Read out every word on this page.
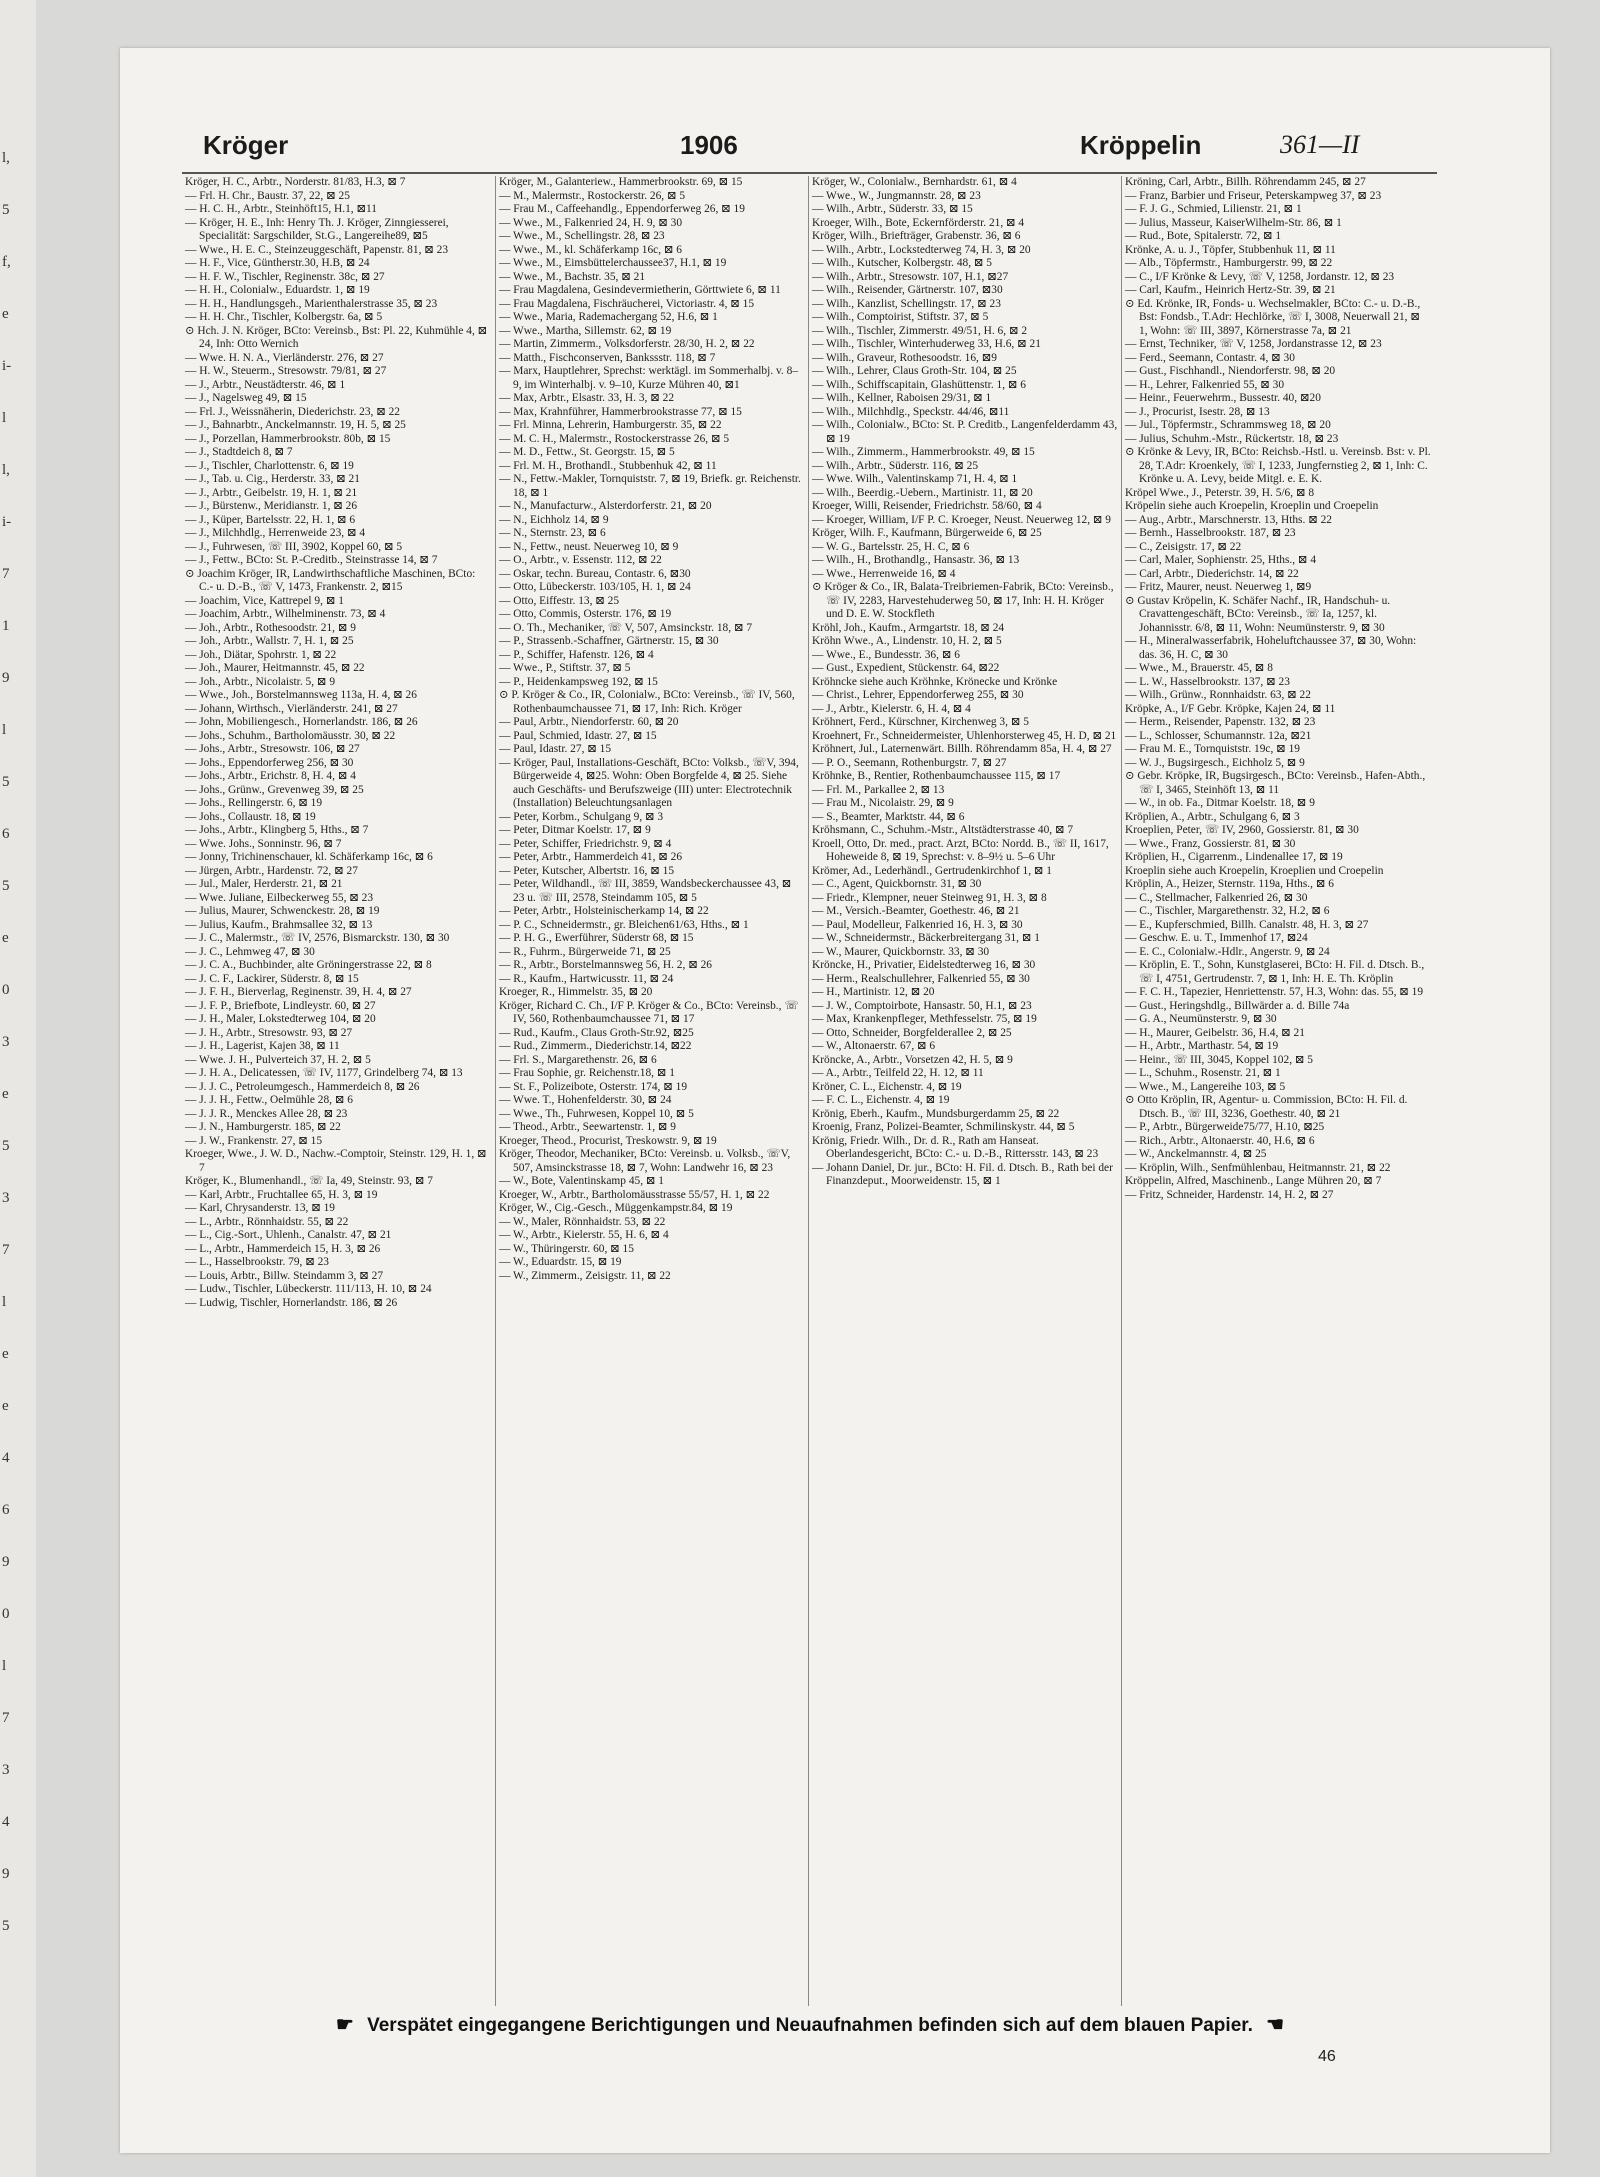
l,
5
f,
e
i-
l
l,
i-
7
1
9
l
5
6
5
e
0
3
e
5
3
7
l
e
e
4
6
9
0
l
7
3
4
9
5
Kröger	1906	Kröppelin	361—II
Kröger, H. C., Arbtr., Norderstr. 81/83, H.3, ⊠ 7
— Frl. H. Chr., Baustr. 37, 22, ⊠ 25
— H. C. H., Arbtr., Steinhöft15, H.1, ⊠11
— Kröger, H. E., Inh: Henry Th. J. Kröger, Zinngiesserei, Specialität: Sargschilder, St.G., Langereihe89, ⊠5
— Wwe., H. E. C., Steinzeuggeschäft, Papenstr. 81, ⊠ 23
— H. F., Vice, Güntherstr.30, H.B, ⊠ 24
— H. F. W., Tischler, Reginenstr. 38c, ⊠ 27
— H. H., Colonialw., Eduardstr. 1, ⊠ 19
— H. H., Handlungsgeh., Marienthalerstrasse 35, ⊠ 23
— H. H. Chr., Tischler, Kolbergstr. 6a, ⊠ 5
⊙ Hch. J. N. Kröger, BCto: Vereinsb., Bst: Pl. 22, Kuhmühle 4, ⊠ 24, Inh: Otto Wernich
— Wwe. H. N. A., Vierländerstr. 276, ⊠ 27
— H. W., Steuerm., Stresowstr. 79/81, ⊠ 27
— J., Arbtr., Neustädterstr. 46, ⊠ 1
— J., Nagelsweg 49, ⊠ 15
— Frl. J., Weissnäherin, Diederichstr. 23, ⊠ 22
— J., Bahnarbtr., Anckelmannstr. 19, H. 5, ⊠ 25
— J., Porzellan, Hammerbrookstr. 80b, ⊠ 15
— J., Stadtdeich 8, ⊠ 7
— J., Tischler, Charlottenstr. 6, ⊠ 19
— J., Tab. u. Cig., Herderstr. 33, ⊠ 21
— J., Arbtr., Geibelstr. 19, H. 1, ⊠ 21
— J., Bürstenw., Meridianstr. 1, ⊠ 26
— J., Küper, Bartelsstr. 22, H. 1, ⊠ 6
— J., Milchhdlg., Herrenweide 23, ⊠ 4
— J., Fuhrwesen, ☏ III, 3902, Koppel 60, ⊠ 5
— J., Fettw., BCto: St. P.-Creditb., Steinstrasse 14, ⊠ 7
⊙ Joachim Kröger, IR, Landwirthschaftliche Maschinen, BCto: C.- u. D.-B., ☏ V, 1473, Frankenstr. 2, ⊠15
— Joachim, Vice, Kattrepel 9, ⊠ 1
— Joachim, Arbtr., Wilhelminenstr. 73, ⊠ 4
— Joh., Arbtr., Rothesoodstr. 21, ⊠ 9
— Joh., Arbtr., Wallstr. 7, H. 1, ⊠ 25
— Joh., Diätar, Spohrstr. 1, ⊠ 22
— Joh., Maurer, Heitmannstr. 45, ⊠ 22
— Joh., Arbtr., Nicolaistr. 5, ⊠ 9
— Wwe., Joh., Borstelmannsweg 113a, H. 4, ⊠ 26
— Johann, Wirthsch., Vierländerstr. 241, ⊠ 27
— John, Mobiliengesch., Hornerlandstr. 186, ⊠ 26
— Johs., Schuhm., Bartholomäusstr. 30, ⊠ 22
— Johs., Arbtr., Stresowstr. 106, ⊠ 27
— Johs., Eppendorferweg 256, ⊠ 30
— Johs., Arbtr., Erichstr. 8, H. 4, ⊠ 4
— Johs., Grünw., Grevenweg 39, ⊠ 25
— Johs., Rellingerstr. 6, ⊠ 19
— Johs., Collaustr. 18, ⊠ 19
— Johs., Arbtr., Klingberg 5, Hths., ⊠ 7
— Wwe. Johs., Sonninstr. 96, ⊠ 7
— Jonny, Trichinenschauer, kl. Schäferkamp 16c, ⊠ 6
— Jürgen, Arbtr., Hardenstr. 72, ⊠ 27
— Jul., Maler, Herderstr. 21, ⊠ 21
— Wwe. Juliane, Eilbeckerweg 55, ⊠ 23
— Julius, Maurer, Schwenckestr. 28, ⊠ 19
— Julius, Kaufm., Brahmsallee 32, ⊠ 13
— J. C., Malermstr., ☏ IV, 2576, Bismarckstr. 130, ⊠ 30
— J. C., Lehmweg 47, ⊠ 30
— J. C. A., Buchbinder, alte Gröningerstrasse 22, ⊠ 8
— J. C. F., Lackirer, Süderstr. 8, ⊠ 15
— J. F. H., Bierverlag, Reginenstr. 39, H. 4, ⊠ 27
— J. F. P., Briefbote, Lindleystr. 60, ⊠ 27
— J. H., Maler, Lokstedterweg 104, ⊠ 20
— J. H., Arbtr., Stresowstr. 93, ⊠ 27
— J. H., Lagerist, Kajen 38, ⊠ 11
— Wwe. J. H., Pulverteich 37, H. 2, ⊠ 5
— J. H. A., Delicatessen, ☏ IV, 1177, Grindelberg 74, ⊠ 13
— J. J. C., Petroleumgesch., Hammerdeich 8, ⊠ 26
— J. J. H., Fettw., Oelmühle 28, ⊠ 6
— J. J. R., Menckes Allee 28, ⊠ 23
— J. N., Hamburgerstr. 185, ⊠ 22
— J. W., Frankenstr. 27, ⊠ 15
Kroeger, Wwe., J. W. D., Nachw.-Comptoir, Steinstr. 129, H. 1, ⊠ 7
Kröger, K., Blumenhandl., ☏ Ia, 49, Steinstr. 93, ⊠ 7
— Karl, Arbtr., Fruchtallee 65, H. 3, ⊠ 19
— Karl, Chrysanderstr. 13, ⊠ 19
— L., Arbtr., Rönnhaidstr. 55, ⊠ 22
— L., Cig.-Sort., Uhlenh., Canalstr. 47, ⊠ 21
— L., Arbtr., Hammerdeich 15, H. 3, ⊠ 26
— L., Hasselbrookstr. 79, ⊠ 23
— Louis, Arbtr., Billw. Steindamm 3, ⊠ 27
— Ludw., Tischler, Lübeckerstr. 111/113, H. 10, ⊠ 24
— Ludwig, Tischler, Hornerlandstr. 186, ⊠ 26
Kröger, M., Galanteriew., Hammerbrookstr. 69, ⊠ 15
— M., Malermstr., Rostockerstr. 26, ⊠ 5
— Frau M., Caffeehandlg., Eppendorferweg 26, ⊠ 19
— Wwe., M., Falkenried 24, H. 9, ⊠ 30
— Wwe., M., Schellingstr. 28, ⊠ 23
— Wwe., M., kl. Schäferkamp 16c, ⊠ 6
— Wwe., M., Eimsbüttelerchaussee37, H.1, ⊠ 19
— Wwe., M., Bachstr. 35, ⊠ 21
— Frau Magdalena, Gesindevermietherin, Görttwiete 6, ⊠ 11
— Frau Magdalena, Fischräucherei, Victoriastr. 4, ⊠ 15
— Wwe., Maria, Rademachergang 52, H.6, ⊠ 1
— Wwe., Martha, Sillemstr. 62, ⊠ 19
— Martin, Zimmerm., Volksdorferstr. 28/30, H. 2, ⊠ 22
— Matth., Fischconserven, Bankssstr. 118, ⊠ 7
— Marx, Hauptlehrer, Sprechst: werktägl. im Sommerhalbj. v. 8–9, im Winterhalbj. v. 9–10, Kurze Mühren 40, ⊠1
— Max, Arbtr., Elsastr. 33, H. 3, ⊠ 22
— Max, Krahnführer, Hammerbrookstrasse 77, ⊠ 15
— Frl. Minna, Lehrerin, Hamburgerstr. 35, ⊠ 22
— M. C. H., Malermstr., Rostockerstrasse 26, ⊠ 5
— M. D., Fettw., St. Georgstr. 15, ⊠ 5
— Frl. M. H., Brothandl., Stubbenhuk 42, ⊠ 11
— N., Fettw.-Makler, Tornquiststr. 7, ⊠ 19, Briefk. gr. Reichenstr. 18, ⊠ 1
— N., Manufacturw., Alsterdorferstr. 21, ⊠ 20
— N., Eichholz 14, ⊠ 9
— N., Sternstr. 23, ⊠ 6
— N., Fettw., neust. Neuerweg 10, ⊠ 9
— O., Arbtr., v. Essenstr. 112, ⊠ 22
— Oskar, techn. Bureau, Contastr. 6, ⊠30
— Otto, Lübeckerstr. 103/105, H. 1, ⊠ 24
— Otto, Eiffestr. 13, ⊠ 25
— Otto, Commis, Osterstr. 176, ⊠ 19
— O. Th., Mechaniker, ☏ V, 507, Amsinckstr. 18, ⊠ 7
— P., Strassenb.-Schaffner, Gärtnerstr. 15, ⊠ 30
— P., Schiffer, Hafenstr. 126, ⊠ 4
— Wwe., P., Stiftstr. 37, ⊠ 5
— P., Heidenkampsweg 192, ⊠ 15
⊙ P. Kröger & Co., IR, Colonialw., BCto: Vereinsb., ☏ IV, 560, Rothenbaumchaussee 71, ⊠ 17, Inh: Rich. Kröger
— Paul, Arbtr., Niendorferstr. 60, ⊠ 20
— Paul, Schmied, Idastr. 27, ⊠ 15
— Paul, Idastr. 27, ⊠ 15
— Kröger, Paul, Installations-Geschäft, BCto: Volksb., ☏V, 394, Bürgerweide 4, ⊠25. Wohn: Oben Borgfelde 4, ⊠ 25. Siehe auch Geschäfts- und Berufszweige (III) unter: Electrotechnik (Installation) Beleuchtungsanlagen
— Peter, Korbm., Schulgang 9, ⊠ 3
— Peter, Ditmar Koelstr. 17, ⊠ 9
— Peter, Schiffer, Friedrichstr. 9, ⊠ 4
— Peter, Arbtr., Hammerdeich 41, ⊠ 26
— Peter, Kutscher, Albertstr. 16, ⊠ 15
— Peter, Wildhandl., ☏ III, 3859, Wandsbeckerchaussee 43, ⊠ 23 u. ☏ III, 2578, Steindamm 105, ⊠ 5
— Peter, Arbtr., Holsteinischerkamp 14, ⊠ 22
— P. C., Schneidermstr., gr. Bleichen61/63, Hths., ⊠ 1
— P. H. G., Ewerführer, Süderstr 68, ⊠ 15
— R., Fuhrm., Bürgerweide 71, ⊠ 25
— R., Arbtr., Borstelmannsweg 56, H. 2, ⊠ 26
— R., Kaufm., Hartwicusstr. 11, ⊠ 24
Kroeger, R., Himmelstr. 35, ⊠ 20
Kröger, Richard C. Ch., I/F P. Kröger & Co., BCto: Vereinsb., ☏ IV, 560, Rothenbaumchaussee 71, ⊠ 17
— Rud., Kaufm., Claus Groth-Str.92, ⊠25
— Rud., Zimmerm., Diederichstr.14, ⊠22
— Frl. S., Margarethenstr. 26, ⊠ 6
— Frau Sophie, gr. Reichenstr.18, ⊠ 1
— St. F., Polizeibote, Osterstr. 174, ⊠ 19
— Wwe. T., Hohenfelderstr. 30, ⊠ 24
— Wwe., Th., Fuhrwesen, Koppel 10, ⊠ 5
— Theod., Arbtr., Seewartenstr. 1, ⊠ 9
Kroeger, Theod., Procurist, Treskowstr. 9, ⊠ 19
Kröger, Theodor, Mechaniker, BCto: Vereinsb. u. Volksb., ☏V, 507, Amsinckstrasse 18, ⊠ 7, Wohn: Landwehr 16, ⊠ 23
— W., Bote, Valentinskamp 45, ⊠ 1
Kroeger, W., Arbtr., Bartholomäusstrasse 55/57, H. 1, ⊠ 22
Kröger, W., Cig.-Gesch., Müggenkampstr.84, ⊠ 19
— W., Maler, Rönnhaidstr. 53, ⊠ 22
— W., Arbtr., Kielerstr. 55, H. 6, ⊠ 4
— W., Thüringerstr. 60, ⊠ 15
— W., Eduardstr. 15, ⊠ 19
— W., Zimmerm., Zeisigstr. 11, ⊠ 22
Kröger, W., Colonialw., Bernhardstr. 61, ⊠ 4
— Wwe., W., Jungmannstr. 28, ⊠ 23
— Wilh., Arbtr., Süderstr. 33, ⊠ 15
Kroeger, Wilh., Bote, Eckernförderstr. 21, ⊠ 4
Kröger, Wilh., Briefträger, Grabenstr. 36, ⊠ 6
— Wilh., Arbtr., Lockstedterweg 74, H. 3, ⊠ 20
— Wilh., Kutscher, Kolbergstr. 48, ⊠ 5
— Wilh., Arbtr., Stresowstr. 107, H.1, ⊠27
— Wilh., Reisender, Gärtnerstr. 107, ⊠30
— Wilh., Kanzlist, Schellingstr. 17, ⊠ 23
— Wilh., Comptoirist, Stiftstr. 37, ⊠ 5
— Wilh., Tischler, Zimmerstr. 49/51, H. 6, ⊠ 2
— Wilh., Tischler, Winterhuderweg 33, H.6, ⊠ 21
— Wilh., Graveur, Rothesoodstr. 16, ⊠9
— Wilh., Lehrer, Claus Groth-Str. 104, ⊠ 25
— Wilh., Schiffscapitain, Glashüttenstr. 1, ⊠ 6
— Wilh., Kellner, Raboisen 29/31, ⊠ 1
— Wilh., Milchhdlg., Speckstr. 44/46, ⊠11
— Wilh., Colonialw., BCto: St. P. Creditb., Langenfelderdamm 43, ⊠ 19
— Wilh., Zimmerm., Hammerbrookstr. 49, ⊠ 15
— Wilh., Arbtr., Süderstr. 116, ⊠ 25
— Wwe. Wilh., Valentinskamp 71, H. 4, ⊠ 1
— Wilh., Beerdig.-Uebern., Martinistr. 11, ⊠ 20
Kroeger, Willi, Reisender, Friedrichstr. 58/60, ⊠ 4
— Kroeger, William, I/F P. C. Kroeger, Neust. Neuerweg 12, ⊠ 9
Kröger, Wilh. F., Kaufmann, Bürgerweide 6, ⊠ 25
— W. G., Bartelsstr. 25, H. C, ⊠ 6
— Wilh., H., Brothandlg., Hansastr. 36, ⊠ 13
— Wwe., Herrenweide 16, ⊠ 4
⊙ Kröger & Co., IR, Balata-Treibriemen-Fabrik, BCto: Vereinsb., ☏ IV, 2283, Harvestehuderweg 50, ⊠ 17, Inh: H. H. Kröger und D. E. W. Stockfleth
Kröhl, Joh., Kaufm., Armgartstr. 18, ⊠ 24
Kröhn Wwe., A., Lindenstr. 10, H. 2, ⊠ 5
— Wwe., E., Bundesstr. 36, ⊠ 6
— Gust., Expedient, Stückenstr. 64, ⊠22
Kröhncke siehe auch Kröhnke, Krönecke und Krönke
— Christ., Lehrer, Eppendorferweg 255, ⊠ 30
— J., Arbtr., Kielerstr. 6, H. 4, ⊠ 4
Kröhnert, Ferd., Kürschner, Kirchenweg 3, ⊠ 5
Kroehnert, Fr., Schneidermeister, Uhlenhorsterweg 45, H. D, ⊠ 21
Kröhnert, Jul., Laternenwärt. Billh. Röhrendamm 85a, H. 4, ⊠ 27
— P. O., Seemann, Rothenburgstr. 7, ⊠ 27
Kröhnke, B., Rentier, Rothenbaumchaussee 115, ⊠ 17
— Frl. M., Parkallee 2, ⊠ 13
— Frau M., Nicolaistr. 29, ⊠ 9
— S., Beamter, Marktstr. 44, ⊠ 6
Kröhsmann, C., Schuhm.-Mstr., Altstädterstrasse 40, ⊠ 7
Kroell, Otto, Dr. med., pract. Arzt, BCto: Nordd. B., ☏ II, 1617, Hoheweide 8, ⊠ 19, Sprechst: v. 8–9½ u. 5–6 Uhr
Krömer, Ad., Lederhändl., Gertrudenkirchhof 1, ⊠ 1
— C., Agent, Quickbornstr. 31, ⊠ 30
— Friedr., Klempner, neuer Steinweg 91, H. 3, ⊠ 8
— M., Versich.-Beamter, Goethestr. 46, ⊠ 21
— Paul, Modelleur, Falkenried 16, H. 3, ⊠ 30
— W., Schneidermstr., Bäckerbreitergang 31, ⊠ 1
— W., Maurer, Quickbornstr. 33, ⊠ 30
Kröncke, H., Privatier, Eidelstedterweg 16, ⊠ 30
— Herm., Realschullehrer, Falkenried 55, ⊠ 30
— H., Martinistr. 12, ⊠ 20
— J. W., Comptoirbote, Hansastr. 50, H.1, ⊠ 23
— Max, Krankenpfleger, Methfesselstr. 75, ⊠ 19
— Otto, Schneider, Borgfelderallee 2, ⊠ 25
— W., Altonaerstr. 67, ⊠ 6
Kröncke, A., Arbtr., Vorsetzen 42, H. 5, ⊠ 9
— A., Arbtr., Teilfeld 22, H. 12, ⊠ 11
Kröner, C. L., Eichenstr. 4, ⊠ 19
— F. C. L., Eichenstr. 4, ⊠ 19
Krönig, Eberh., Kaufm., Mundsburgerdamm 25, ⊠ 22
Kroenig, Franz, Polizei-Beamter, Schmilinskystr. 44, ⊠ 5
Krönig, Friedr. Wilh., Dr. d. R., Rath am Hanseat. Oberlandesgericht, BCto: C.- u. D.-B., Rittersstr. 143, ⊠ 23
— Johann Daniel, Dr. jur., BCto: H. Fil. d. Dtsch. B., Rath bei der Finanzdeput., Moorweidenstr. 15, ⊠ 1
Kröning, Carl, Arbtr., Billh. Röhrendamm 245, ⊠ 27
— Franz, Barbier und Friseur, Peterskampweg 37, ⊠ 23
— F. J. G., Schmied, Lilienstr. 21, ⊠ 1
— Julius, Masseur, KaiserWilhelm-Str. 86, ⊠ 1
— Rud., Bote, Spitalerstr. 72, ⊠ 1
Krönke, A. u. J., Töpfer, Stubbenhuk 11, ⊠ 11
— Alb., Töpfermstr., Hamburgerstr. 99, ⊠ 22
— C., I/F Krönke & Levy, ☏ V, 1258, Jordanstr. 12, ⊠ 23
— Carl, Kaufm., Heinrich Hertz-Str. 39, ⊠ 21
⊙ Ed. Krönke, IR, Fonds- u. Wechselmakler, BCto: C.- u. D.-B., Bst: Fondsb., T.Adr: Hechlörke, ☏ I, 3008, Neuerwall 21, ⊠ 1, Wohn: ☏ III, 3897, Körnerstrasse 7a, ⊠ 21
— Ernst, Techniker, ☏ V, 1258, Jordanstrasse 12, ⊠ 23
— Ferd., Seemann, Contastr. 4, ⊠ 30
— Gust., Fischhandl., Niendorferstr. 98, ⊠ 20
— H., Lehrer, Falkenried 55, ⊠ 30
— Heinr., Feuerwehrm., Bussestr. 40, ⊠20
— J., Procurist, Isestr. 28, ⊠ 13
— Jul., Töpfermstr., Schrammsweg 18, ⊠ 20
— Julius, Schuhm.-Mstr., Rückertstr. 18, ⊠ 23
⊙ Krönke & Levy, IR, BCto: Reichsb.-Hstl. u. Vereinsb. Bst: v. Pl. 28, T.Adr: Kroenkely, ☏ I, 1233, Jungfernstieg 2, ⊠ 1, Inh: C. Krönke u. A. Levy, beide Mitgl. e. E. K.
Kröpel Wwe., J., Peterstr. 39, H. 5/6, ⊠ 8
Kröpelin siehe auch Kroepelin, Kroeplin und Croepelin
— Aug., Arbtr., Marschnerstr. 13, Hths. ⊠ 22
— Bernh., Hasselbrookstr. 187, ⊠ 23
— C., Zeisigstr. 17, ⊠ 22
— Carl, Maler, Sophienstr. 25, Hths., ⊠ 4
— Carl, Arbtr., Diederichstr. 14, ⊠ 22
— Fritz, Maurer, neust. Neuerweg 1, ⊠9
⊙ Gustav Kröpelin, K. Schäfer Nachf., IR, Handschuh- u. Cravattengeschäft, BCto: Vereinsb., ☏ Ia, 1257, kl. Johannisstr. 6/8, ⊠ 11, Wohn: Neumünsterstr. 9, ⊠ 30
— H., Mineralwasserfabrik, Hoheluftchaussee 37, ⊠ 30, Wohn: das. 36, H. C, ⊠ 30
— Wwe., M., Brauerstr. 45, ⊠ 8
— L. W., Hasselbrookstr. 137, ⊠ 23
— Wilh., Grünw., Ronnhaidstr. 63, ⊠ 22
Kröpke, A., I/F Gebr. Kröpke, Kajen 24, ⊠ 11
— Herm., Reisender, Papenstr. 132, ⊠ 23
— L., Schlosser, Schumannstr. 12a, ⊠21
— Frau M. E., Tornquiststr. 19c, ⊠ 19
— W. J., Bugsirgesch., Eichholz 5, ⊠ 9
⊙ Gebr. Kröpke, IR, Bugsirgesch., BCto: Vereinsb., Hafen-Abth., ☏ I, 3465, Steinhöft 13, ⊠ 11
— W., in ob. Fa., Ditmar Koelstr. 18, ⊠ 9
Kröplien, A., Arbtr., Schulgang 6, ⊠ 3
Kroeplien, Peter, ☏ IV, 2960, Gossierstr. 81, ⊠ 30
— Wwe., Franz, Gossierstr. 81, ⊠ 30
Kröplien, H., Cigarrenm., Lindenallee 17, ⊠ 19
Kroeplin siehe auch Kroepelin, Kroeplien und Croepelin
Kröplin, A., Heizer, Sternstr. 119a, Hths., ⊠ 6
— C., Stellmacher, Falkenried 26, ⊠ 30
— C., Tischler, Margarethenstr. 32, H.2, ⊠ 6
— E., Kupferschmied, Billh. Canalstr. 48, H. 3, ⊠ 27
— Geschw. E. u. T., Immenhof 17, ⊠24
— E. C., Colonialw.-Hdlr., Angerstr. 9, ⊠ 24
— Kröplin, E. T., Sohn, Kunstglaserei, BCto: H. Fil. d. Dtsch. B., ☏ I, 4751, Gertrudenstr. 7, ⊠ 1, Inh: H. E. Th. Kröplin
— F. C. H., Tapezier, Henriettenstr. 57, H.3, Wohn: das. 55, ⊠ 19
— Gust., Heringshdlg., Billwärder a. d. Bille 74a
— G. A., Neumünsterstr. 9, ⊠ 30
— H., Maurer, Geibelstr. 36, H.4, ⊠ 21
— H., Arbtr., Marthastr. 54, ⊠ 19
— Heinr., ☏ III, 3045, Koppel 102, ⊠ 5
— L., Schuhm., Rosenstr. 21, ⊠ 1
— Wwe., M., Langereihe 103, ⊠ 5
⊙ Otto Kröplin, IR, Agentur- u. Commission, BCto: H. Fil. d. Dtsch. B., ☏ III, 3236, Goethestr. 40, ⊠ 21
— P., Arbtr., Bürgerweide75/77, H.10, ⊠25
— Rich., Arbtr., Altonaerstr. 40, H.6, ⊠ 6
— W., Anckelmannstr. 4, ⊠ 25
— Kröplin, Wilh., Senfmühlenbau, Heitmannstr. 21, ⊠ 22
Kröppelin, Alfred, Maschinenb., Lange Mühren 20, ⊠ 7
— Fritz, Schneider, Hardenstr. 14, H. 2, ⊠ 27
☛ Verspätet eingegangene Berichtigungen und Neuaufnahmen befinden sich auf dem blauen Papier. ☚
46
